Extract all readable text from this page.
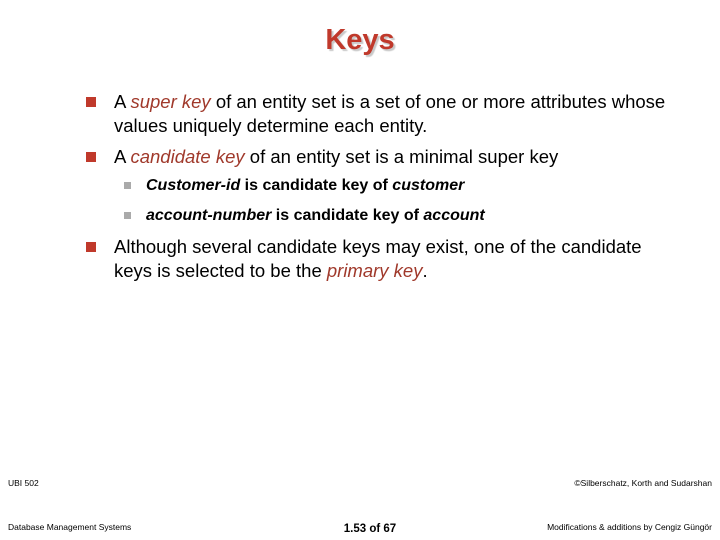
Keys
A super key of an entity set is a set of one or more attributes whose values uniquely determine each entity.
A candidate key of an entity set is a minimal super key
Customer-id is candidate key of customer
account-number is candidate key of account
Although several candidate keys may exist, one of the candidate keys is selected to be the primary key.
UBI 502
Database Management Systems	1.53 of 67
©Silberschatz, Korth and Sudarshan
Modifications & additions by Cengiz Güngör
